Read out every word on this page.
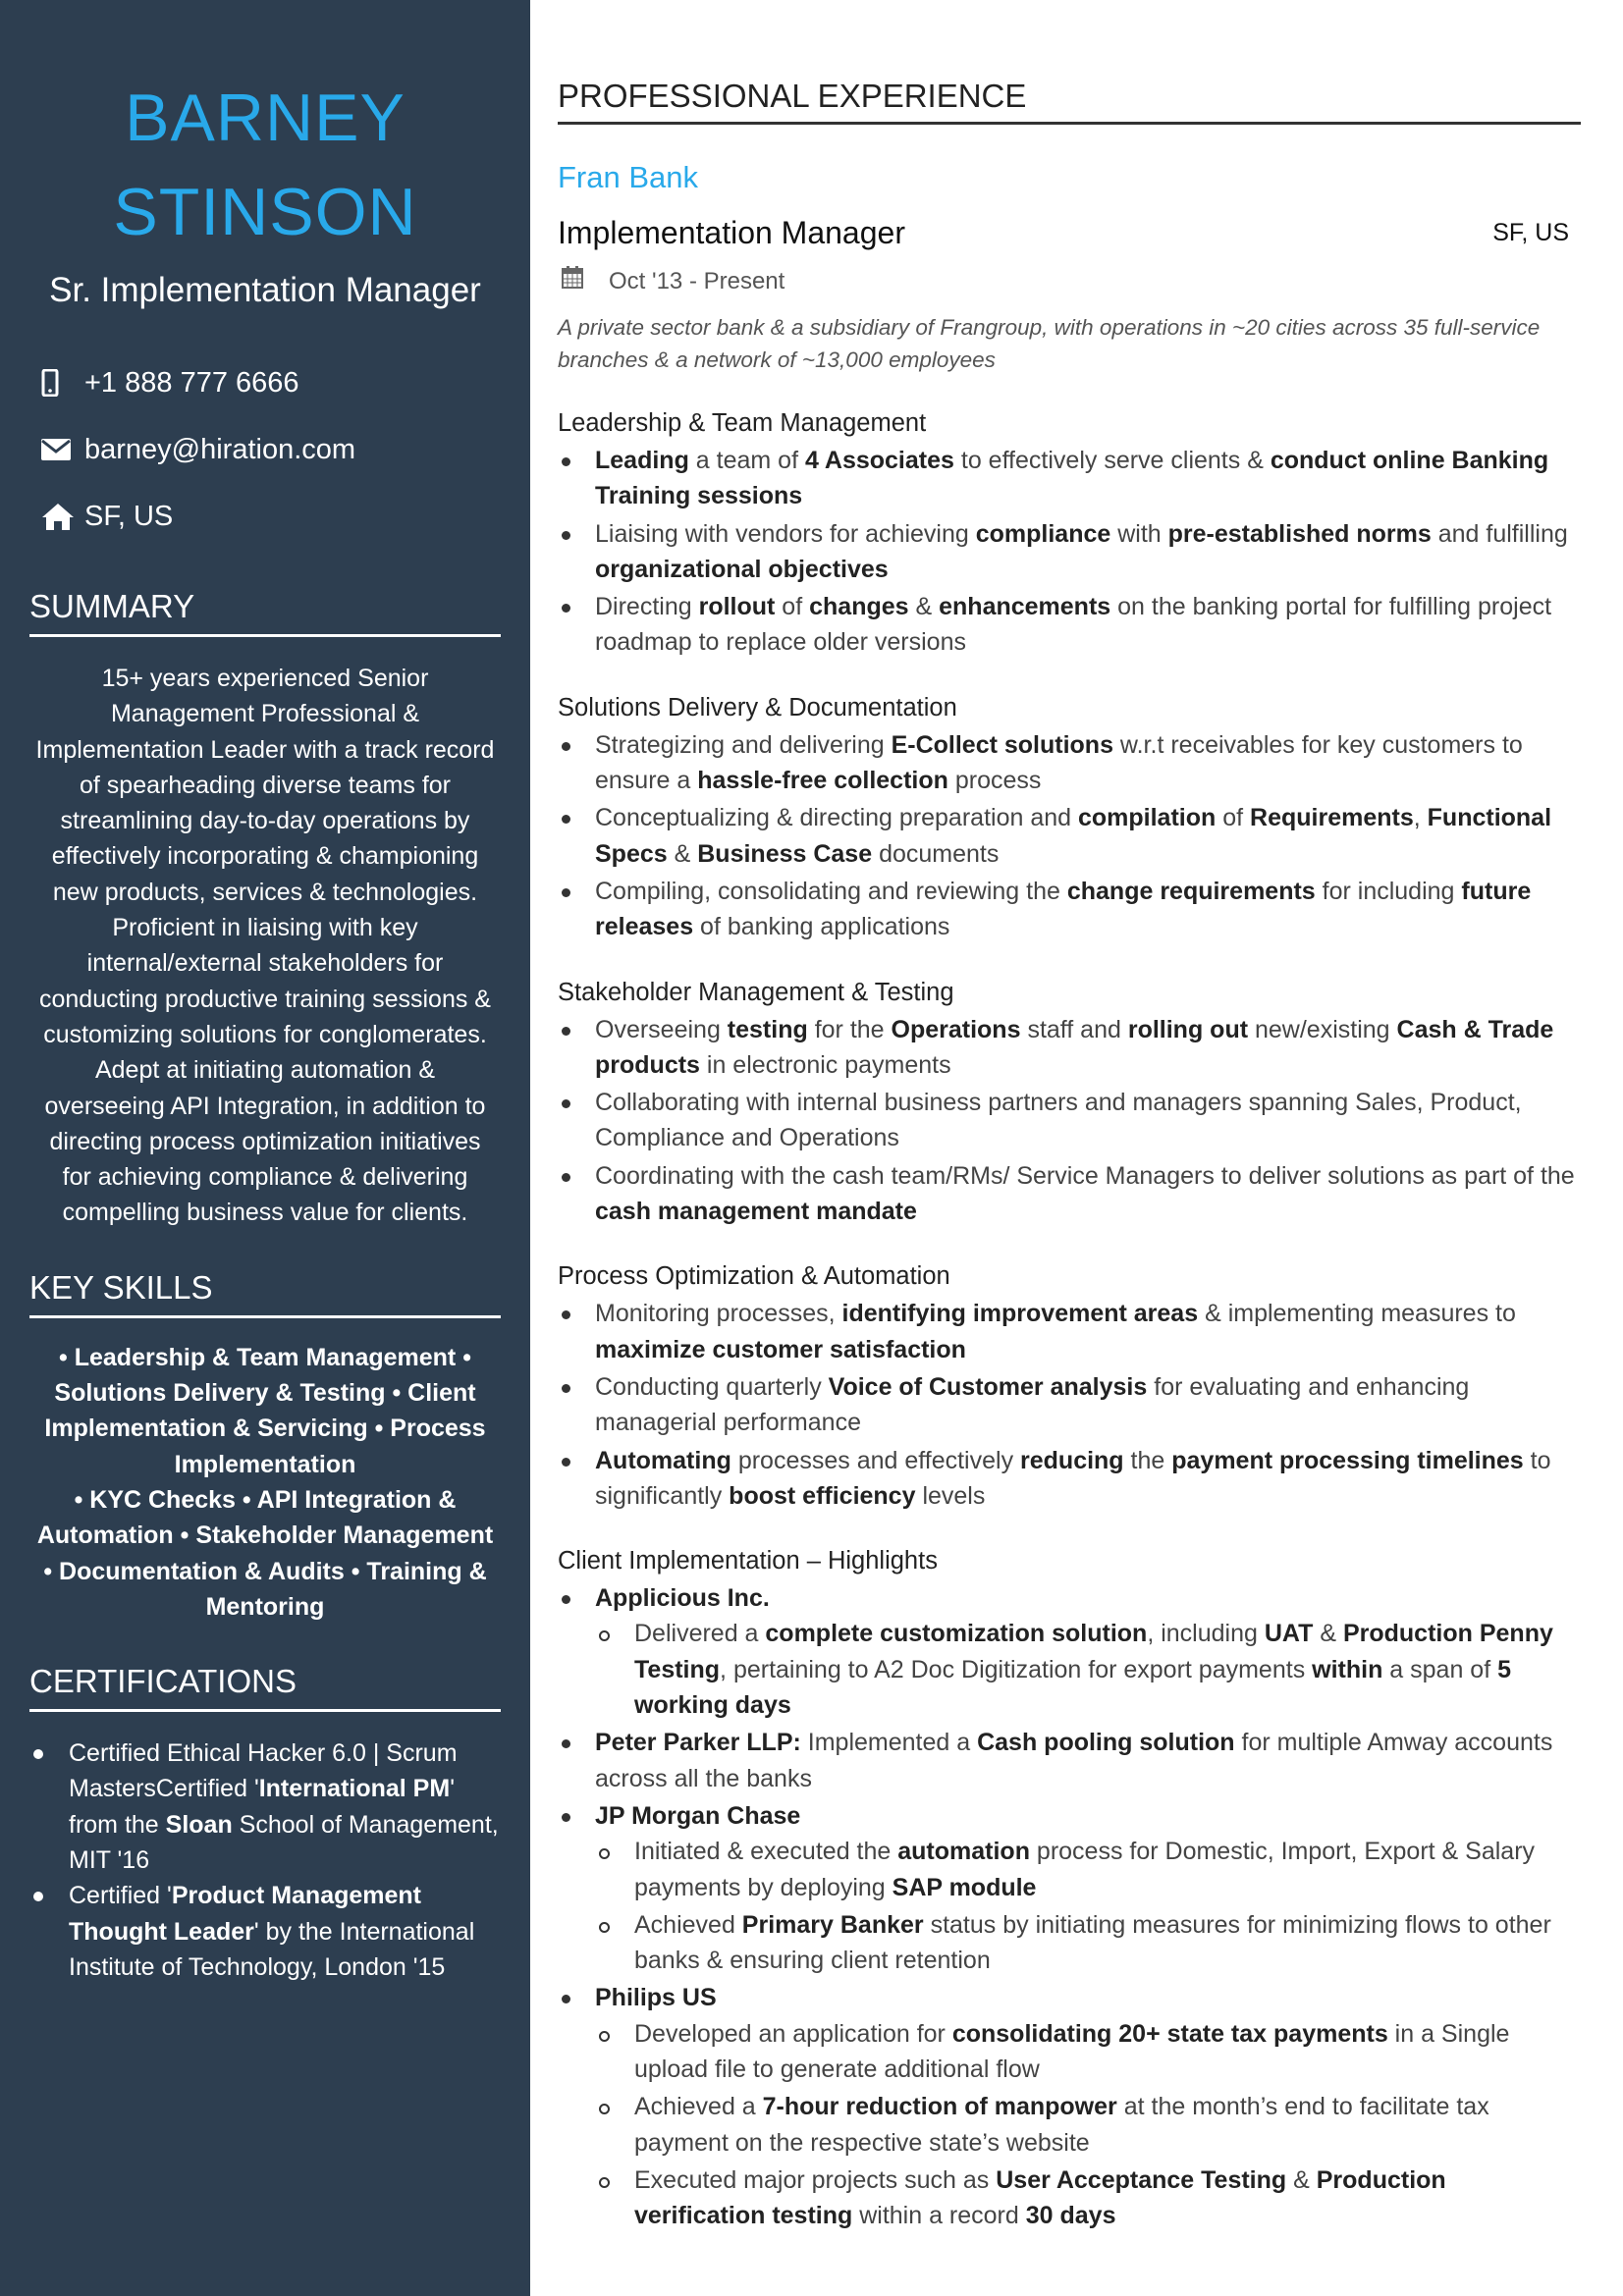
BARNEY
STINSON
Sr. Implementation Manager
+1 888 777 6666
barney@hiration.com
SF, US
SUMMARY

15+ years experienced Senior Management Professional & Implementation Leader with a track record of spearheading diverse teams for streamlining day-to-day operations by effectively incorporating & championing new products, services & technologies. Proficient in liaising with key internal/external stakeholders for conducting productive training sessions & customizing solutions for conglomerates. Adept at initiating automation & overseeing API Integration, in addition to directing process optimization initiatives for achieving compliance & delivering compelling business value for clients.

KEY SKILLS
• Leadership & Team Management • Solutions Delivery & Testing • Client Implementation & Servicing • Process Implementation
• KYC Checks • API Integration & Automation • Stakeholder Management • Documentation & Audits • Training & Mentoring
CERTIFICATIONS
Certified Ethical Hacker 6.0 | Scrum MastersCertified 'International PM' from the Sloan School of Management, MIT '16
Certified 'Product Management Thought Leader' by the International Institute of Technology, London '15
PROFESSIONAL EXPERIENCE
Fran Bank
Implementation Manager	SF, US
Oct '13 - Present

A private sector bank & a subsidiary of Frangroup, with operations in ~20 cities across 35 full-service branches & a network of ~13,000 employees

Leadership & Team Management
Leading a team of 4 Associates to effectively serve clients & conduct online Banking Training sessions
Liaising with vendors for achieving compliance with pre-established norms and fulfilling organizational objectives
Directing rollout of changes & enhancements on the banking portal for fulfilling project roadmap to replace older versions
Solutions Delivery & Documentation
Strategizing and delivering E-Collect solutions w.r.t receivables for key customers to ensure a hassle-free collection process
Conceptualizing & directing preparation and compilation of Requirements, Functional Specs & Business Case documents
Compiling, consolidating and reviewing the change requirements for including future releases of banking applications
Stakeholder Management & Testing
Overseeing testing for the Operations staff and rolling out new/existing Cash & Trade products in electronic payments
Collaborating with internal business partners and managers spanning Sales, Product, Compliance and Operations
Coordinating with the cash team/RMs/ Service Managers to deliver solutions as part of the cash management mandate
Process Optimization & Automation
Monitoring processes, identifying improvement areas & implementing measures to maximize customer satisfaction
Conducting quarterly Voice of Customer analysis for evaluating and enhancing managerial performance
Automating processes and effectively reducing the payment processing timelines to significantly boost efficiency levels
Client Implementation – Highlights
Applicious Inc.
Delivered a complete customization solution, including UAT & Production Penny Testing, pertaining to A2 Doc Digitization for export payments within a span of 5 working days
Peter Parker LLP: Implemented a Cash pooling solution for multiple Amway accounts across all the banks
JP Morgan Chase
Initiated & executed the automation process for Domestic, Import, Export & Salary payments by deploying SAP module
Achieved Primary Banker status by initiating measures for minimizing flows to other banks & ensuring client retention
Philips US
Developed an application for consolidating 20+ state tax payments in a Single upload file to generate additional flow
Achieved a 7-hour reduction of manpower at the month’s end to facilitate tax payment on the respective state’s website
Executed major projects such as User Acceptance Testing & Production verification testing within a record 30 days
